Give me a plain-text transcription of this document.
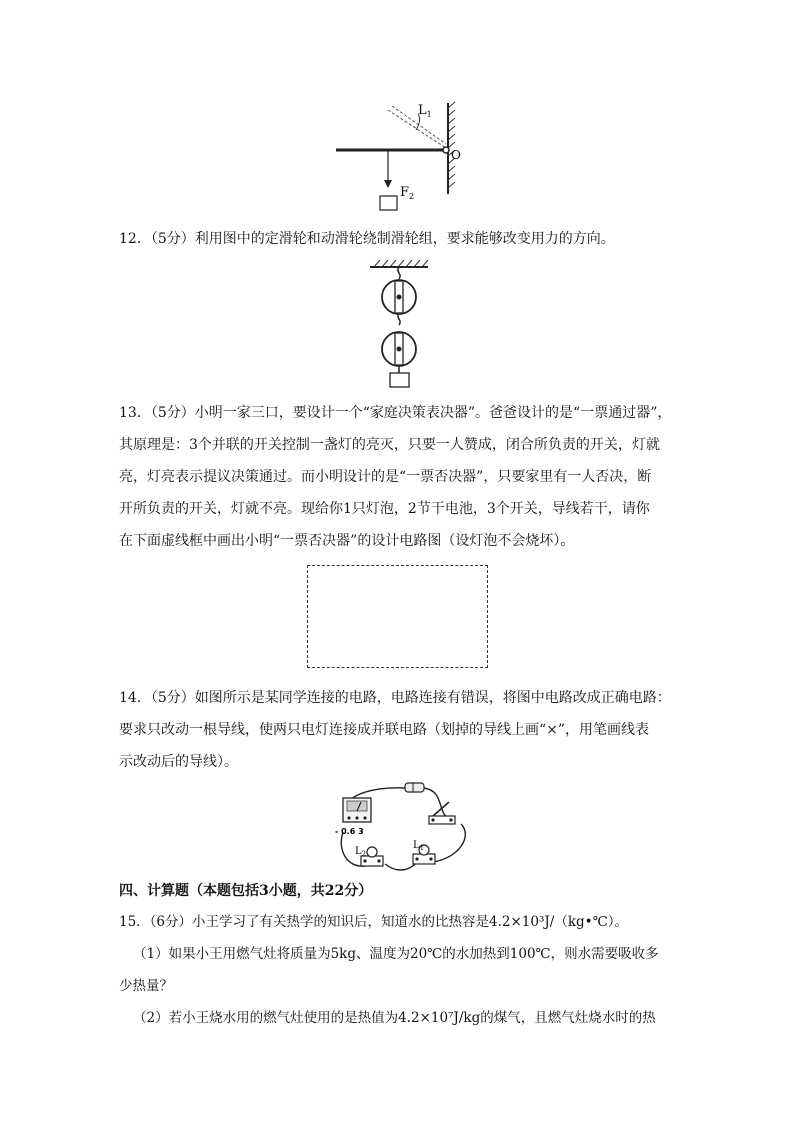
$L_1$
O
$F_2$
12．（5分）利用图中的定滑轮和动滑轮绕制滑轮组，要求能够改变用力的方向。
13．（5分）小明一家三口，要设计一个“家庭决策表决器”。爸爸设计的是“一票通过器”，
其原理是：3个并联的开关控制一盏灯的亮灭，只要一人赞成，闭合所负责的开关，灯就
亮，灯亮表示提议决策通过。而小明设计的是“一票否决器”，只要家里有一人否决，断
开所负责的开关，灯就不亮。现给你1只灯泡，2节干电池，3个开关，导线若干，请你
在下面虚线框中画出小明“一票否决器”的设计电路图（设灯泡不会烧坏）。
14．（5分）如图所示是某同学连接的电路，电路连接有错误，将图中电路改成正确电路：
要求只改动一根导线，使两只电灯连接成并联电路（划掉的导线上画“×”，用笔画线表
示改动后的导线）。
- 0.6 3
$L_2$
$L_1$
四、计算题（本题包括3小题，共22分）
15．（6分）小王学习了有关热学的知识后，知道水的比热容是4.2×10³J/（kg•℃）。
（1）如果小王用燃气灶将质量为5kg、温度为20℃的水加热到100℃，则水需要吸收多
少热量？
（2）若小王烧水用的燃气灶使用的是热值为4.2×10⁷J/kg的煤气，且燃气灶烧水时的热
